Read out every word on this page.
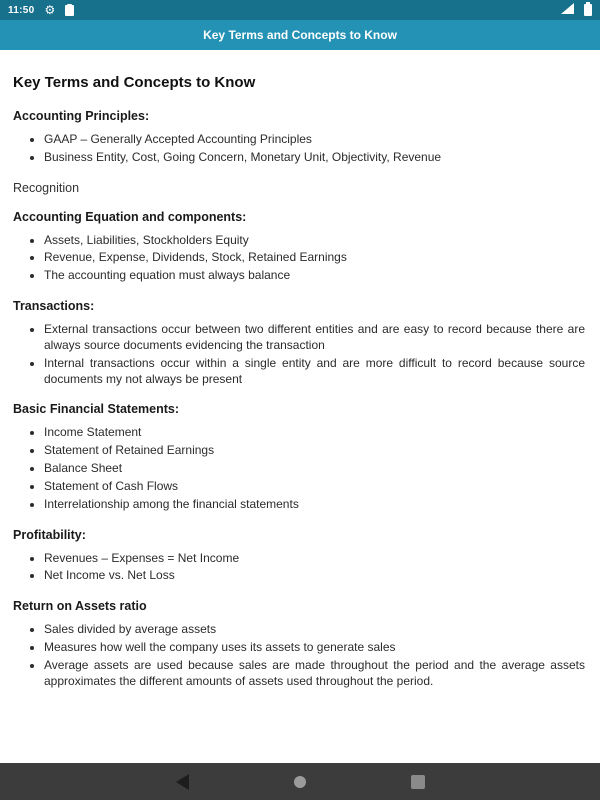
11:50 ⚙
Key Terms and Concepts to Know
Key Terms and Concepts to Know
Accounting Principles:
• GAAP – Generally Accepted Accounting Principles
• Business Entity, Cost, Going Concern, Monetary Unit, Objectivity, Revenue
Recognition
Accounting Equation and components:
• Assets, Liabilities, Stockholders Equity
• Revenue, Expense, Dividends, Stock, Retained Earnings
• The accounting equation must always balance
Transactions:
• External transactions occur between two different entities and are easy to record because there are always source documents evidencing the transaction
• Internal transactions occur within a single entity and are more difficult to record because source documents my not always be present
Basic Financial Statements:
• Income Statement
• Statement of Retained Earnings
• Balance Sheet
• Statement of Cash Flows
• Interrelationship among the financial statements
Profitability:
• Revenues – Expenses = Net Income
• Net Income vs. Net Loss
Return on Assets ratio
• Sales divided by average assets
• Measures how well the company uses its assets to generate sales
• Average assets are used because sales are made throughout the period and the average assets approximates the different amounts of assets used throughout the period.
